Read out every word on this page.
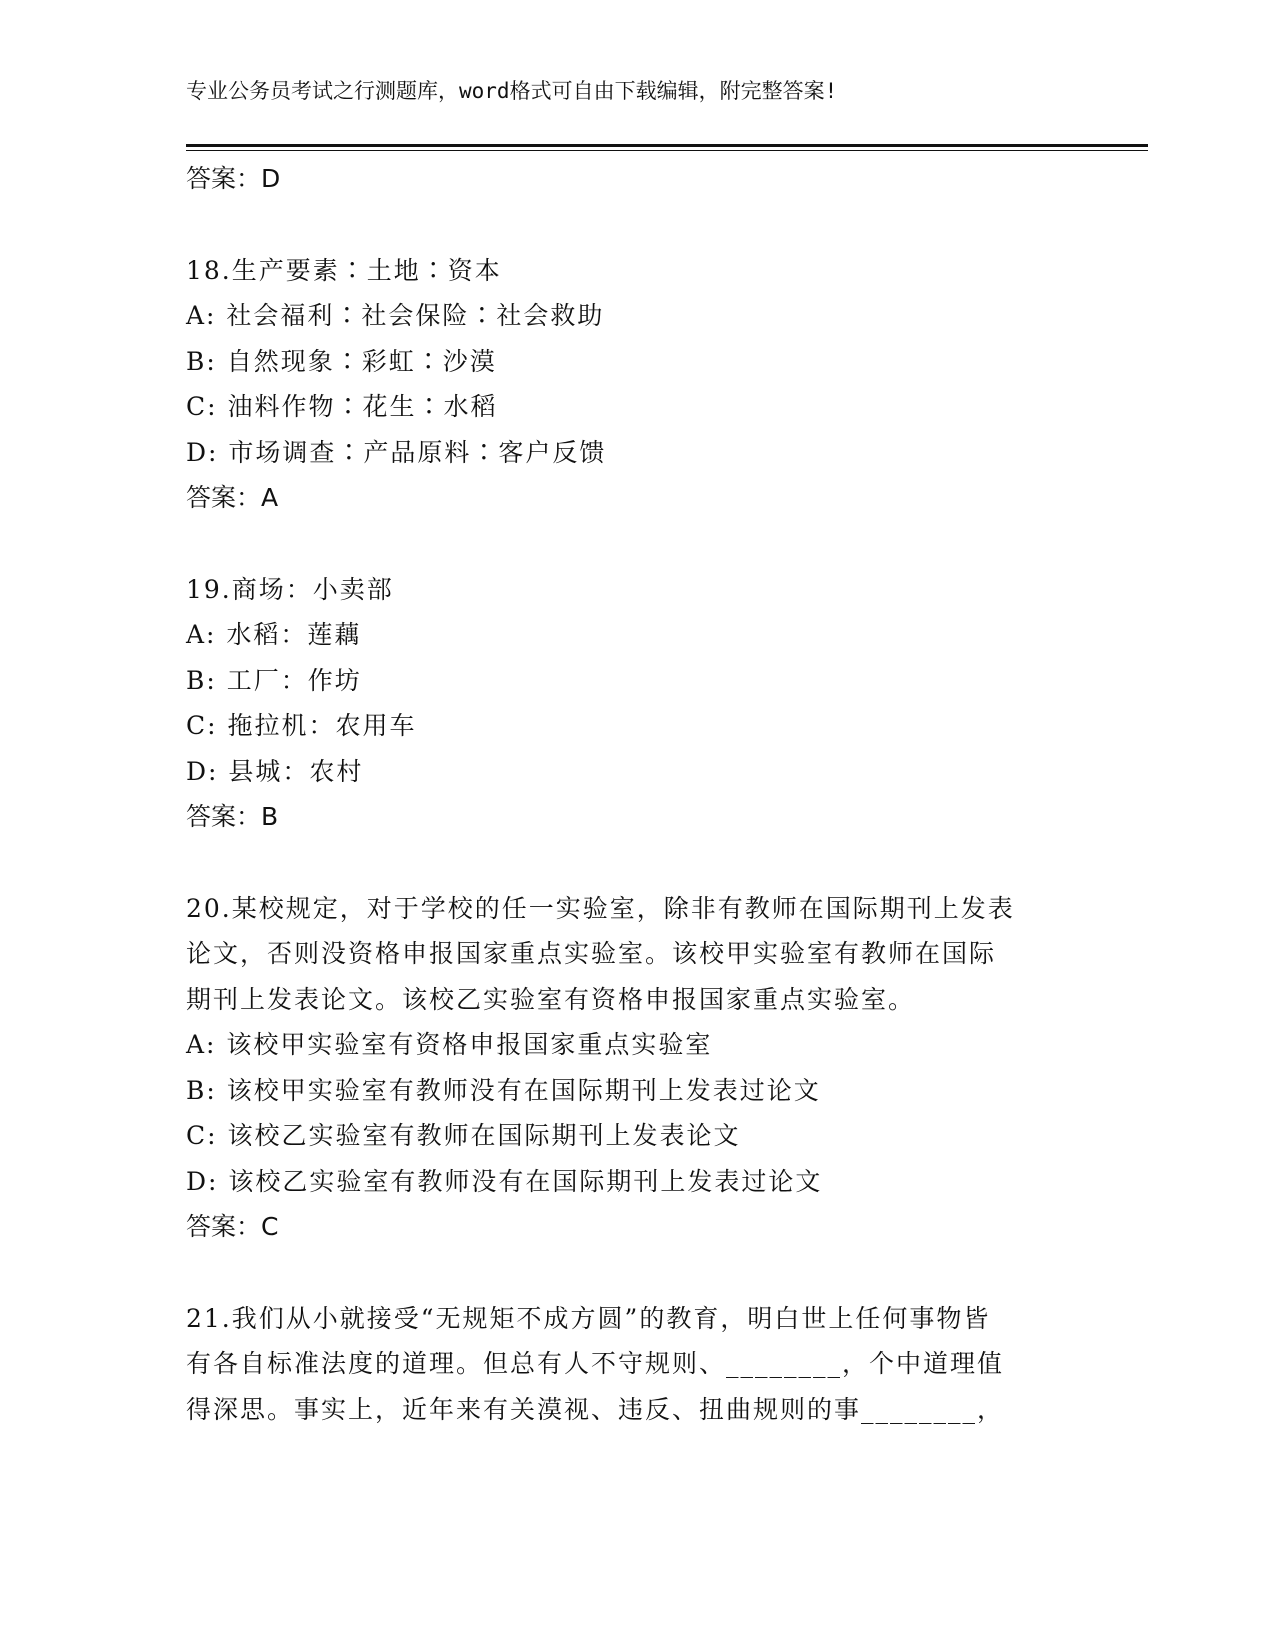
专业公务员考试之行测题库，word格式可自由下载编辑，附完整答案!
答案：D
18.生产要素∶土地∶资本
A: 社会福利∶社会保险∶社会救助
B: 自然现象∶彩虹∶沙漠
C: 油料作物∶花生∶水稻
D: 市场调查∶产品原料∶客户反馈
答案：A
19.商场：小卖部
A: 水稻：莲藕
B: 工厂：作坊
C: 拖拉机：农用车
D: 县城：农村
答案：B
20.某校规定，对于学校的任一实验室，除非有教师在国际期刊上发表
论文，否则没资格申报国家重点实验室。该校甲实验室有教师在国际
期刊上发表论文。该校乙实验室有资格申报国家重点实验室。
A: 该校甲实验室有资格申报国家重点实验室
B: 该校甲实验室有教师没有在国际期刊上发表过论文
C: 该校乙实验室有教师在国际期刊上发表论文
D: 该校乙实验室有教师没有在国际期刊上发表过论文
答案：C
21.我们从小就接受“无规矩不成方圆”的教育，明白世上任何事物皆
有各自标准法度的道理。但总有人不守规则、________，个中道理值
得深思。事实上，近年来有关漠视、违反、扭曲规则的事________，
